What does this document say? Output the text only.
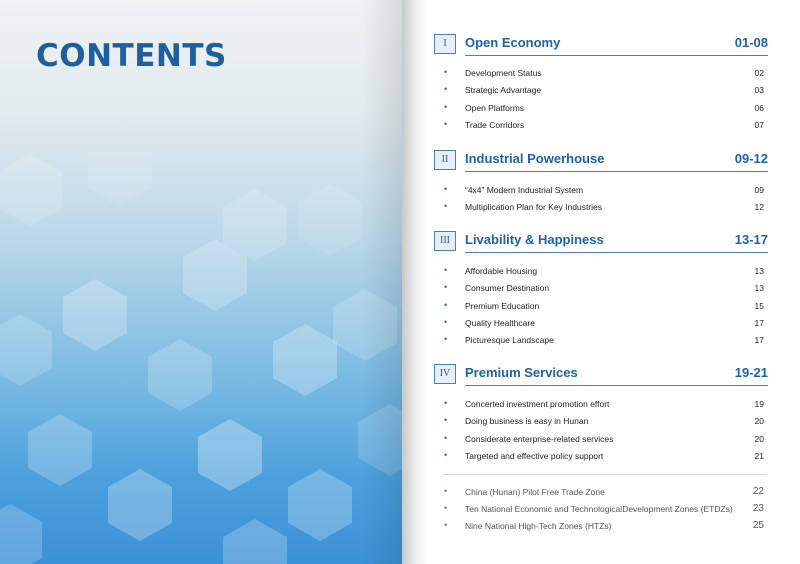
CONTENTS	I	Open Economy	01-08
• Development Status	02
• Strategic Advantage	03
• Open Platforms	06
• Trade Corridors	07
II	Industrial Powerhouse	09-12
• “4x4” Modern Industrial System	09
• Multiplication Plan for Key Industries	12
III	Livability & Happiness	13-17
• Affordable Housing	13
• Consumer Destination	13
• Premium Education	15
• Quality Healthcare	17
• Picturesque Landscape	17
IV	Premium Services	19-21
• Concerted investment promotion effort	19
• Doing business is easy in Hunan	20
• Considerate enterprise-related services	20
• Targeted and effective policy support	21
• China (Hunan) Pilot Free Trade Zone	22
• Ten National Economic and TechnologicalDevelopment Zones (ETDZs) 23
• Nine National High-Tech Zones (HTZs)	25
